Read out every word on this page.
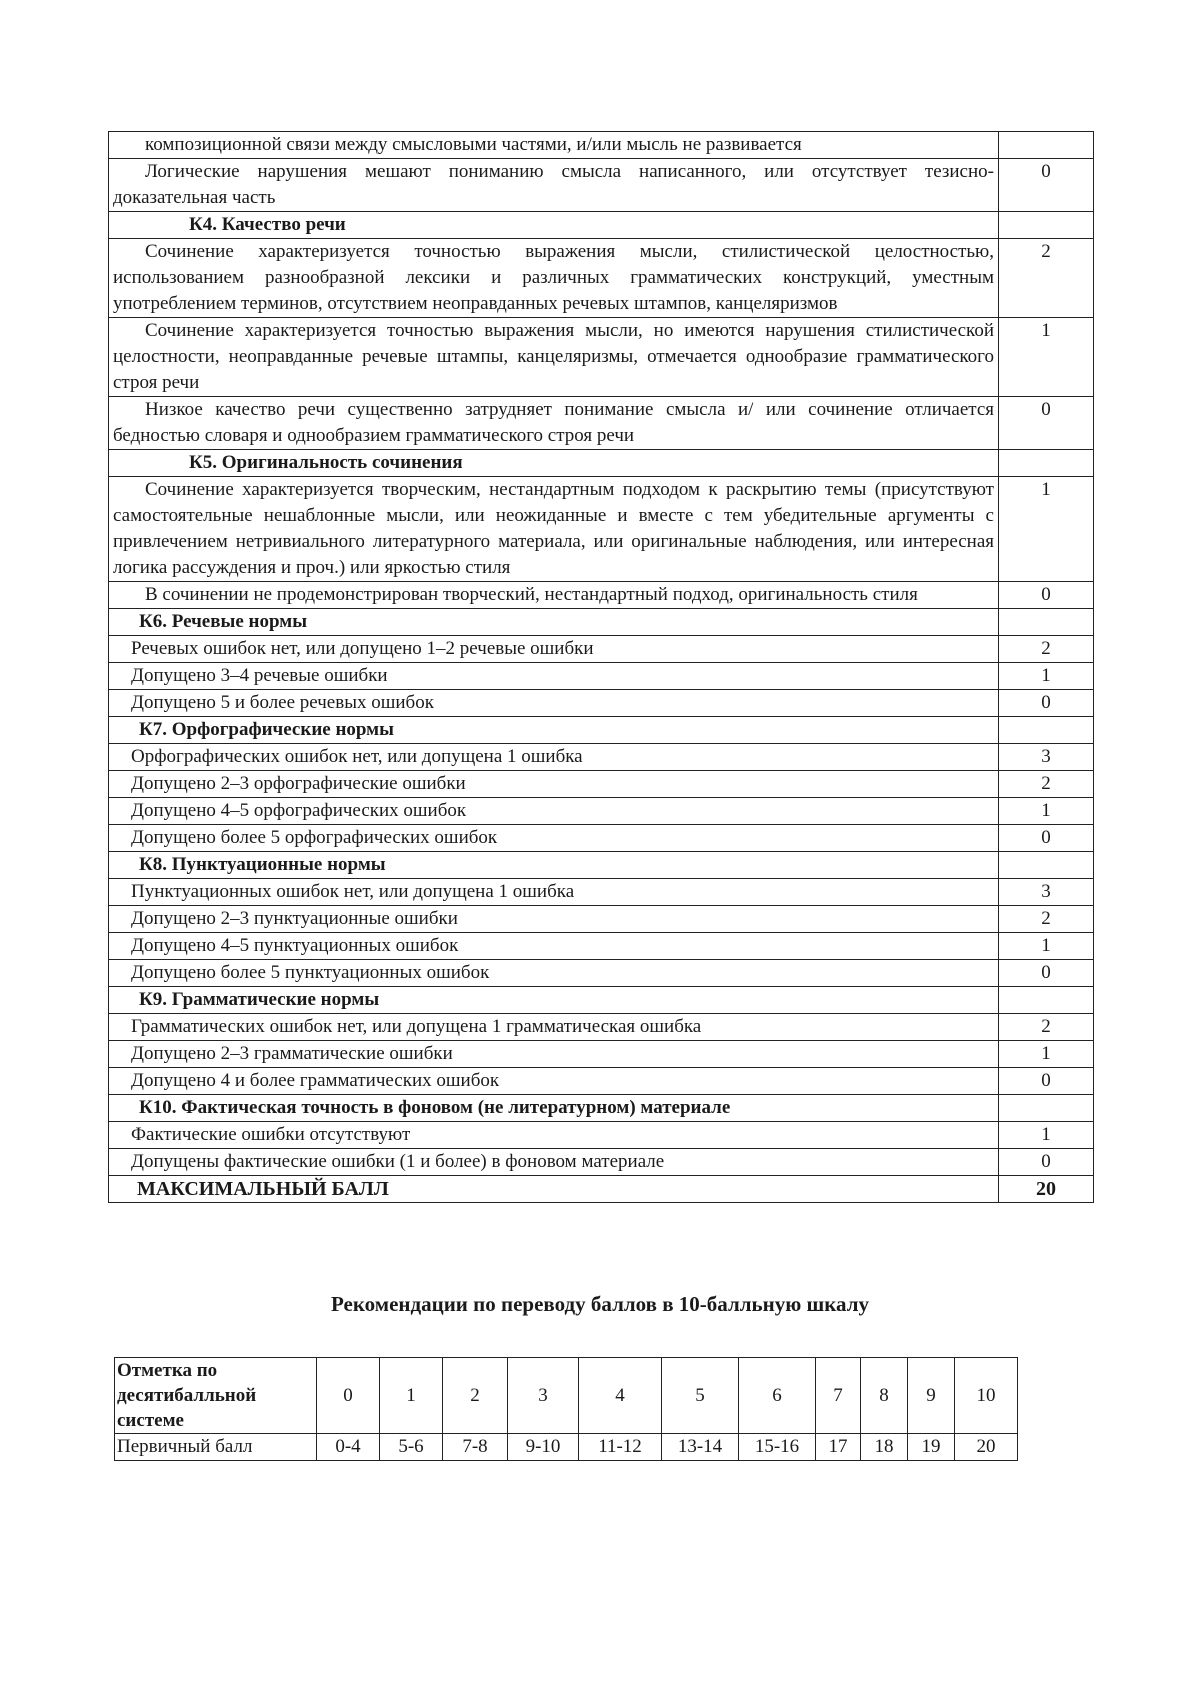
композиционной связи между смысловыми частями, и/или мысль не развивается	
Логические нарушения мешают пониманию смысла написанного, или отсутствует тезисно-доказательная часть	0
К4. Качество речи	
Сочинение характеризуется точностью выражения мысли, стилистической целостностью, использованием разнообразной лексики и различных грамматических конструкций, уместным употреблением терминов, отсутствием неоправданных речевых штампов, канцеляризмов	2
Сочинение характеризуется точностью выражения мысли, но имеются нарушения стилистической целостности, неоправданные речевые штампы, канцеляризмы, отмечается однообразие грамматического строя речи	1
Низкое качество речи существенно затрудняет понимание смысла и/ или сочинение отличается бедностью словаря и однообразием грамматического строя речи	0
К5. Оригинальность сочинения	
Сочинение характеризуется творческим, нестандартным подходом к раскрытию темы (присутствуют самостоятельные нешаблонные мысли, или неожиданные и вместе с тем убедительные аргументы с привлечением нетривиального литературного материала, или оригинальные наблюдения, или интересная логика рассуждения и проч.) или яркостью стиля	1
В сочинении не продемонстрирован творческий, нестандартный подход, оригинальность стиля	0
К6. Речевые нормы	
Речевых ошибок нет, или допущено 1–2 речевые ошибки	2
Допущено 3–4 речевые ошибки	1
Допущено 5 и более речевых ошибок	0
К7. Орфографические нормы	
Орфографических ошибок нет, или допущена 1 ошибка	3
Допущено 2–3 орфографические ошибки	2
Допущено 4–5 орфографических ошибок	1
Допущено более 5 орфографических ошибок	0
К8. Пунктуационные нормы	
Пунктуационных ошибок нет, или допущена 1 ошибка	3
Допущено 2–3 пунктуационные ошибки	2
Допущено 4–5 пунктуационных ошибок	1
Допущено более 5 пунктуационных ошибок	0
К9. Грамматические нормы	
Грамматических ошибок нет, или допущена 1 грамматическая ошибка	2
Допущено 2–3 грамматические ошибки	1
Допущено 4 и более грамматических ошибок	0
К10. Фактическая точность в фоновом (не литературном) материале	
Фактические ошибки отсутствуют	1
Допущены фактические ошибки (1 и более) в фоновом материале	0
МАКСИМАЛЬНЫЙ БАЛЛ	20
Рекомендации по переводу баллов в 10-балльную шкалу
Отметка по десятибалльной системе	0	1	2	3	4	5	6	7	8	9	10
Первичный балл	0-4	5-6	7-8	9-10	11-12	13-14	15-16	17	18	19	20
